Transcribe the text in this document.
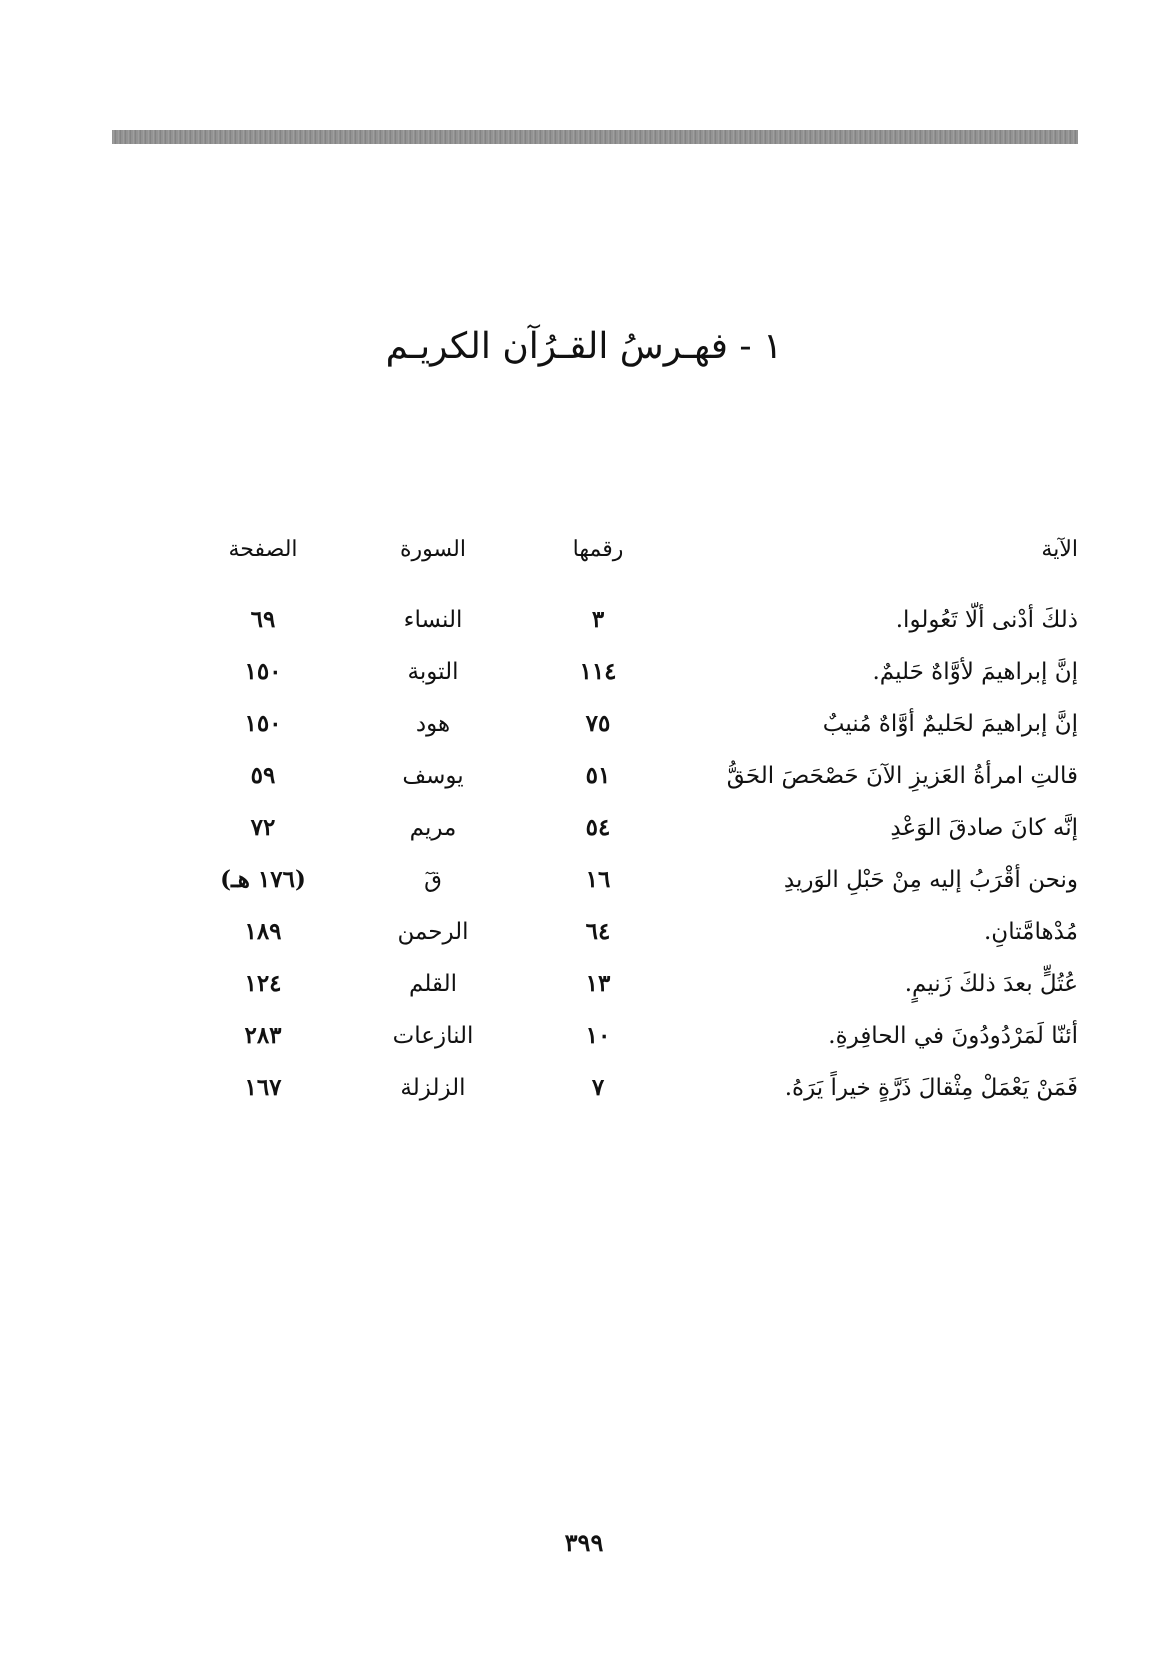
١ - فهـرسُ القـرُآن الكريـم
الآية
رقمها
السورة
الصفحة
ذلكَ أدْنى ألّا تَعُولوا.
٣
النساء
٦٩
إنَّ إبراهيمَ لأوَّاهٌ حَليمٌ.
١١٤
التوبة
١٥٠
إنَّ إبراهيمَ لحَليمٌ أوَّاهٌ مُنيبٌ
٧٥
هود
١٥٠
قالتِ امرأةُ العَزيزِ الآنَ حَصْحَصَ الحَقُّ
٥١
يوسف
٥٩
إنَّه كانَ صادقَ الوَعْدِ
٥٤
مريم
٧٢
ونحن أقْرَبُ إليه مِنْ حَبْلِ الوَريدِ
١٦
قٓ
(١٧٦ هـ)
مُدْهامَّتانِ.
٦٤
الرحمن
١٨٩
عُتُلٍّ بعدَ ذلكَ زَنيمٍ.
١٣
القلم
١٢٤
أئنّا لَمَرْدُودُونَ في الحافِرةِ.
١٠
النازعات
٢٨٣
فَمَنْ يَعْمَلْ مِثْقالَ ذَرَّةٍ خيراً يَرَهُ.
٧
الزلزلة
١٦٧
٣٩٩
